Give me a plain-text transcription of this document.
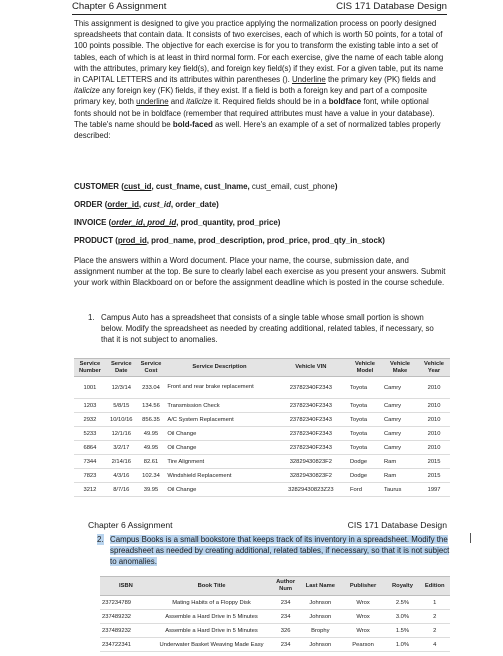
Chapter 6 Assignment	CIS 171 Database Design

This assignment is designed to give you practice applying the normalization process on poorly designed spreadsheets that contain data. It consists of two exercises, each of which is worth 50 points, for a total of 100 points possible. The objective for each exercise is for you to transform the existing table into a set of tables, each of which is at least in third normal form. For each exercise, give the name of each table along with the attributes, primary key field(s), and foreign key field(s) if they exist. For a given table, put its name in CAPITAL LETTERS and its attributes within parentheses (). Underline the primary key (PK) fields and italicize any foreign key (FK) fields, if they exist. If a field is both a foreign key and part of a composite primary key, both underline and italicize it. Required fields should be in a boldface font, while optional fonts should not be in boldface (remember that required attributes must have a value in your database). The table's name should be bold-faced as well. Here's an example of a set of normalized tables properly described:

CUSTOMER (cust_id, cust_fname, cust_lname, cust_email, cust_phone)

ORDER (order_id, cust_id, order_date)

INVOICE (order_id, prod_id, prod_quantity, prod_price)

PRODUCT (prod_id, prod_name, prod_description, prod_price, prod_qty_in_stock)

Place the answers within a Word document. Place your name, the course, submission date, and assignment number at the top. Be sure to clearly label each exercise as you present your answers. Submit your work within Blackboard on or before the assignment deadline which is posted in the course schedule.

1. Campus Auto has a spreadsheet that consists of a single table whose small portion is shown below. Modify the spreadsheet as needed by creating additional, related tables, if necessary, so that it is not subject to anomalies.
Service Number	Service Date	Service Cost	Service Description	Vehicle VIN	Vehicle Model	Vehicle Make	Vehicle Year
1001	12/3/14	233.04	Front and rear brake replacement	23782340F2343	Toyota	Camry	2010
1203	5/8/15	134.56	Transmission Check	23782340F2343	Toyota	Camry	2010
2932	10/10/16	856.35	A/C System Replacement	23782340F2343	Toyota	Camry	2010
5233	12/1/16	49.95	Oil Change	23782340F2343	Toyota	Camry	2010
6864	3/2/17	49.95	Oil Change	23782340F2343	Toyota	Camry	2010
7344	2/14/16	82.61	Tire Alignment	32829430823F2	Dodge	Ram	2015
7823	4/3/16	102.34	Windshield Replacement	32829430823F2	Dodge	Ram	2015
3212	8/7/16	39.95	Oil Change	32829430823Z23	Ford	Taurus	1997
Chapter 6 Assignment	CIS 171 Database Design
2. Campus Books is a small bookstore that keeps track of its inventory in a spreadsheet. Modify the spreadsheet as needed by creating additional, related tables, if necessary, so that it is not subject to anomalies.
ISBN	Book Title	Author Num	Last Name	Publisher	Royalty	Edition
237234789	Mating Habits of a Floppy Disk	234	Johnson	Wrox	2.5%	1
237489232	Assemble a Hard Drive in 5 Minutes	234	Johnson	Wrox	3.0%	2
237489232	Assemble a Hard Drive in 5 Minutes	326	Brophy	Wrox	1.5%	2
234722341	Underwater Basket Weaving Made Easy	234	Johnson	Pearson	1.0%	4
